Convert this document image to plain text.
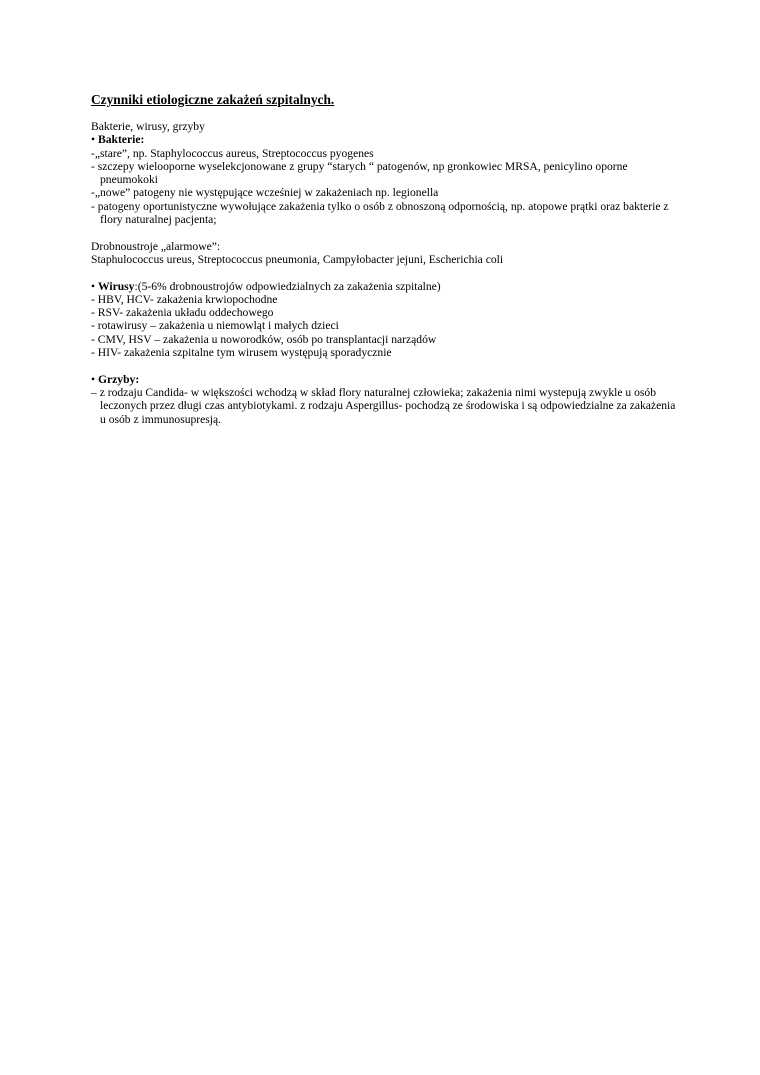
Czynniki etiologiczne zakażeń szpitalnych.
Bakterie, wirusy, grzyby
• Bakterie:
-„stare”, np. Staphylococcus aureus, Streptococcus pyogenes
- szczepy wielooporne wyselekcjonowane z grupy “starych “ patogenów, np gronkowiec MRSA, penicylino oporne
pneumokoki
-„nowe” patogeny nie występujące wcześniej w zakażeniach np. legionella
- patogeny oportunistyczne wywołujące zakażenia tylko o osób z obnoszoną odpornością, np. atopowe prątki oraz bakterie z
flory naturalnej pacjenta;
Drobnoustroje „alarmowe”:
Staphulococcus ureus, Streptococcus pneumonia, Campyłobacter jejuni, Escherichia coli
• Wirusy:(5-6% drobnoustrojów odpowiedzialnych za zakażenia szpitalne)
- HBV, HCV- zakażenia krwiopochodne
- RSV- zakażenia układu oddechowego
- rotawirusy – zakażenia u niemowląt i małych dzieci
- CMV, HSV – zakażenia u noworodków, osób po transplantacji narządów
- HIV- zakażenia szpitalne tym wirusem występują sporadycznie
• Grzyby:
– z rodzaju Candida- w większości wchodzą w skład flory naturalnej człowieka; zakażenia nimi wystepują zwykle u osób
leczonych przez długi czas antybiotykami. z rodzaju Aspergillus- pochodzą ze środowiska i są odpowiedzialne za zakażenia
u osób z immunosupresją.
